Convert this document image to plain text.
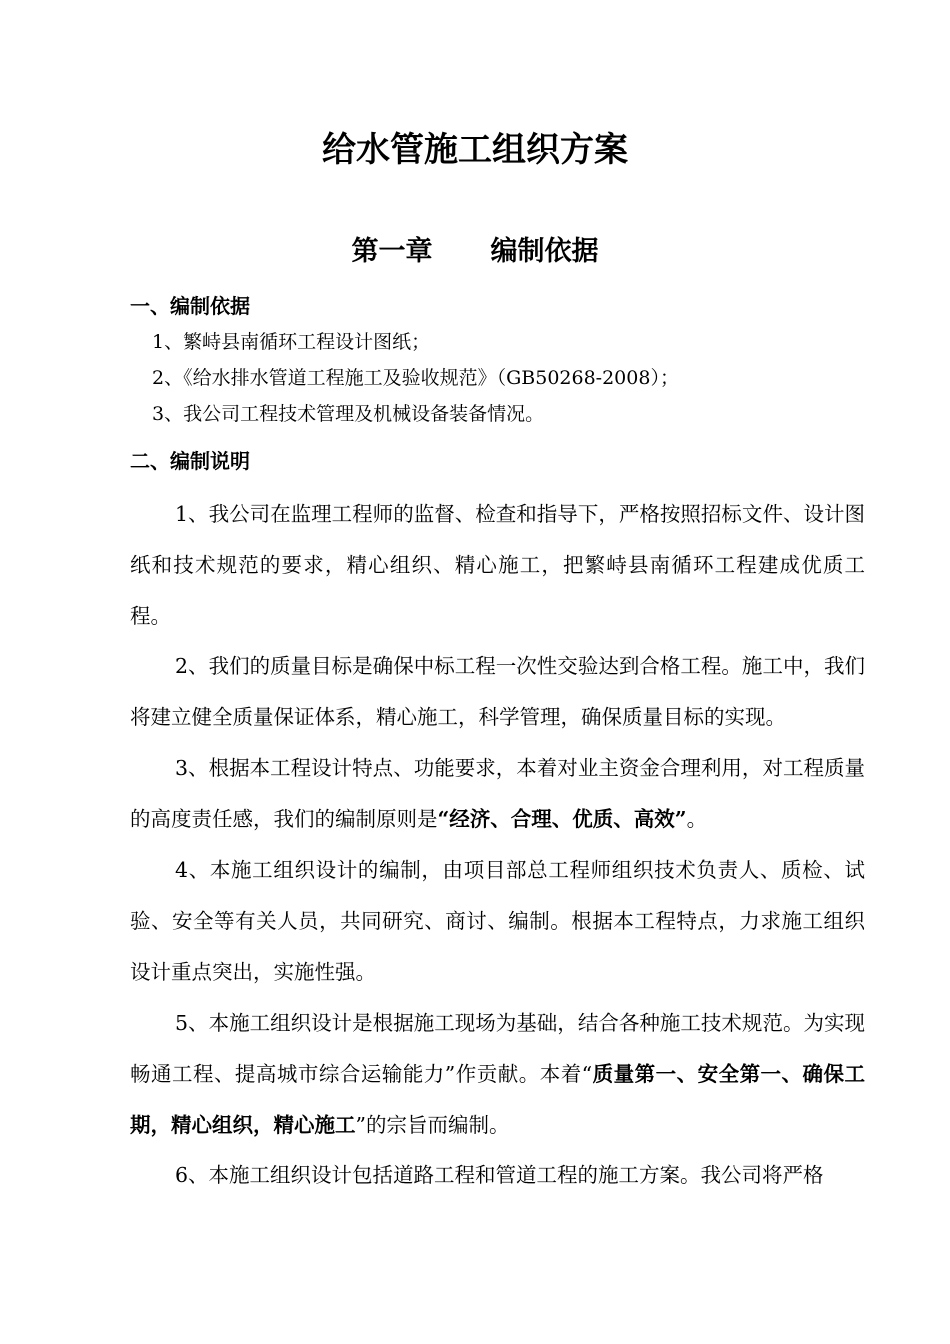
给水管施工组织方案
第一章 编制依据
一、编制依据
1、繁峙县南循环工程设计图纸；
2、《给水排水管道工程施工及验收规范》（GB50268-2008）；
3、我公司工程技术管理及机械设备装备情况。
二、编制说明
1、我公司在监理工程师的监督、检查和指导下，严格按照招标文件、设计图纸和技术规范的要求，精心组织、精心施工，把繁峙县南循环工程建成优质工程。
2、我们的质量目标是确保中标工程一次性交验达到合格工程。施工中，我们将建立健全质量保证体系，精心施工，科学管理，确保质量目标的实现。
3、根据本工程设计特点、功能要求，本着对业主资金合理利用，对工程质量的高度责任感，我们的编制原则是“经济、合理、优质、高效”。
4、本施工组织设计的编制，由项目部总工程师组织技术负责人、质检、试验、安全等有关人员，共同研究、商讨、编制。根据本工程特点，力求施工组织设计重点突出，实施性强。
5、本施工组织设计是根据施工现场为基础，结合各种施工技术规范。为实现畅通工程、提高城市综合运输能力”作贡献。本着“质量第一、安全第一、确保工期，精心组织，精心施工”的宗旨而编制。
6、本施工组织设计包括道路工程和管道工程的施工方案。我公司将严格
